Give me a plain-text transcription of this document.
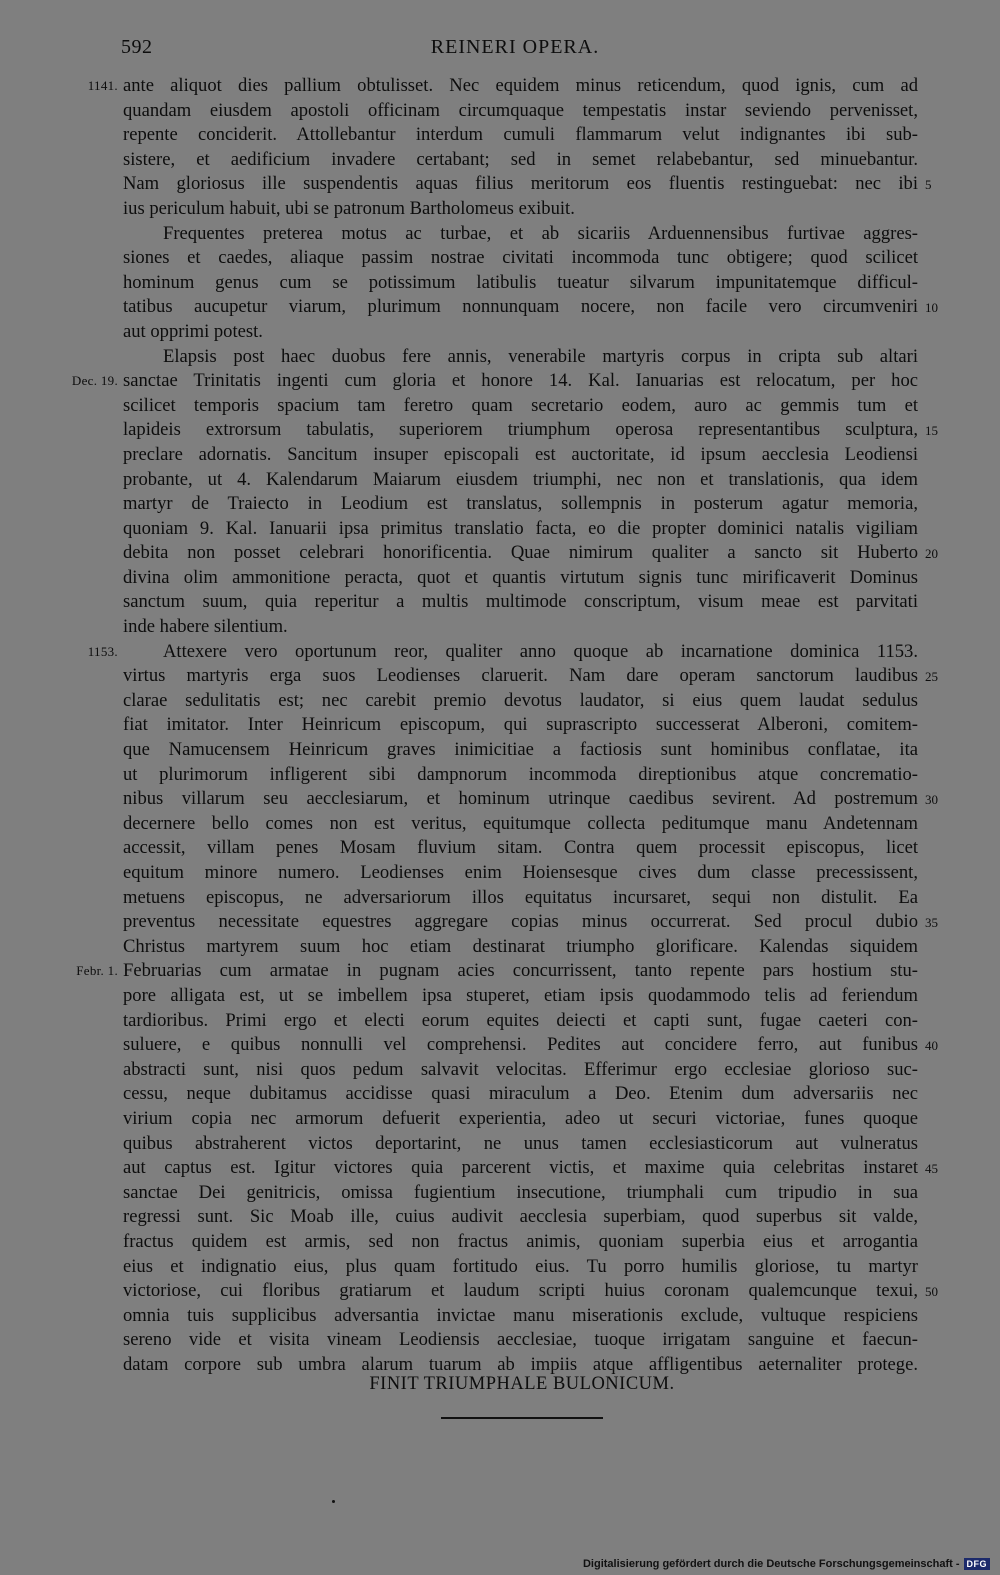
592	REINERI OPERA.
1141. ante aliquot dies pallium obtulisset. Nec equidem minus reticendum, quod ignis, cum ad
quandam eiusdem apostoli officinam circumquaque tempestatis instar seviendo pervenisset,
repente conciderit. Attollebantur interdum cumuli flammarum velut indignantes ibi sub-
sistere, et aedificium invadere certabant; sed in semet relabebantur, sed minuebantur.
Nam gloriosus ille suspendentis aquas filius meritorum eos fluentis restinguebat: nec ibi 5
ius periculum habuit, ubi se patronum Bartholomeus exibuit.
Frequentes preterea motus ac turbae, et ab sicariis Arduennensibus furtivae aggres-
siones et caedes, aliaque passim nostrae civitati incommoda tunc obtigere; quod scilicet
hominum genus cum se potissimum latibulis tueatur silvarum impunitatemque difficul-
tatibus aucupetur viarum, plurimum nonnunquam nocere, non facile vero circumveniri 10
aut opprimi potest.
Elapsis post haec duobus fere annis, venerabile martyris corpus in cripta sub altari
Dec. 19. sanctae Trinitatis ingenti cum gloria et honore 14. Kal. Ianuarias est relocatum, per hoc
scilicet temporis spacium tam feretro quam secretario eodem, auro ac gemmis tum et
lapideis extrorsum tabulatis, superiorem triumphum operosa representantibus sculptura, 15
preclare adornatis. Sancitum insuper episcopali est auctoritate, id ipsum aecclesia Leodiensi
probante, ut 4. Kalendarum Maiarum eiusdem triumphi, nec non et translationis, qua idem
martyr de Traiecto in Leodium est translatus, sollempnis in posterum agatur memoria,
quoniam 9. Kal. Ianuarii ipsa primitus translatio facta, eo die propter dominici natalis vigiliam
debita non posset celebrari honorificentia. Quae nimirum qualiter a sancto sit Huberto 20
divina olim ammonitione peracta, quot et quantis virtutum signis tunc mirificaverit Dominus
sanctum suum, quia reperitur a multis multimode conscriptum, visum meae est parvitati
inde habere silentium.
1153. Attexere vero oportunum reor, qualiter anno quoque ab incarnatione dominica 1153.
virtus martyris erga suos Leodienses claruerit. Nam dare operam sanctorum laudibus 25
clarae sedulitatis est; nec carebit premio devotus laudator, si eius quem laudat sedulus
fiat imitator. Inter Heinricum episcopum, qui suprascripto successerat Alberoni, comitem-
que Namucensem Heinricum graves inimicitiae a factiosis sunt hominibus conflatae, ita
ut plurimorum infligerent sibi dampnorum incommoda direptionibus atque concrematio-
nibus villarum seu aecclesiarum, et hominum utrinque caedibus sevirent. Ad postremum 30
decernere bello comes non est veritus, equitumque collecta peditumque manu Andetennam
accessit, villam penes Mosam fluvium sitam. Contra quem processit episcopus, licet
equitum minore numero. Leodienses enim Hoiensesque cives dum classe precessissent,
metuens episcopus, ne adversariorum illos equitatus incursaret, sequi non distulit. Ea
preventus necessitate equestres aggregare copias minus occurrerat. Sed procul dubio 35
Christus martyrem suum hoc etiam destinarat triumpho glorificare. Kalendas siquidem
Febr. 1. Februarias cum armatae in pugnam acies concurrissent, tanto repente pars hostium stu-
pore alligata est, ut se imbellem ipsa stuperet, etiam ipsis quodammodo telis ad feriendum
tardioribus. Primi ergo et electi eorum equites deiecti et capti sunt, fugae caeteri con-
suluere, e quibus nonnulli vel comprehensi. Pedites aut concidere ferro, aut funibus 40
abstracti sunt, nisi quos pedum salvavit velocitas. Efferimur ergo ecclesiae glorioso suc-
cessu, neque dubitamus accidisse quasi miraculum a Deo. Etenim dum adversariis nec
virium copia nec armorum defuerit experientia, adeo ut securi victoriae, funes quoque
quibus abstraherent victos deportarint, ne unus tamen ecclesiasticorum aut vulneratus
aut captus est. Igitur victores quia parcerent victis, et maxime quia celebritas instaret 45
sanctae Dei genitricis, omissa fugientium insecutione, triumphali cum tripudio in sua
regressi sunt. Sic Moab ille, cuius audivit aecclesia superbiam, quod superbus sit valde,
fractus quidem est armis, sed non fractus animis, quoniam superbia eius et arrogantia
eius et indignatio eius, plus quam fortitudo eius. Tu porro humilis gloriose, tu martyr
victoriose, cui floribus gratiarum et laudum scripti huius coronam qualemcunque texui, 50
omnia tuis supplicibus adversantia invictae manu miserationis exclude, vultuque respiciens
sereno vide et visita vineam Leodiensis aecclesiae, tuoque irrigatam sanguine et faecun-
datam corpore sub umbra alarum tuarum ab impiis atque affligentibus aeternaliter protege.
FINIT TRIUMPHALE BULONICUM.
Digitalisierung gefördert durch die Deutsche Forschungsgemeinschaft - DFG
